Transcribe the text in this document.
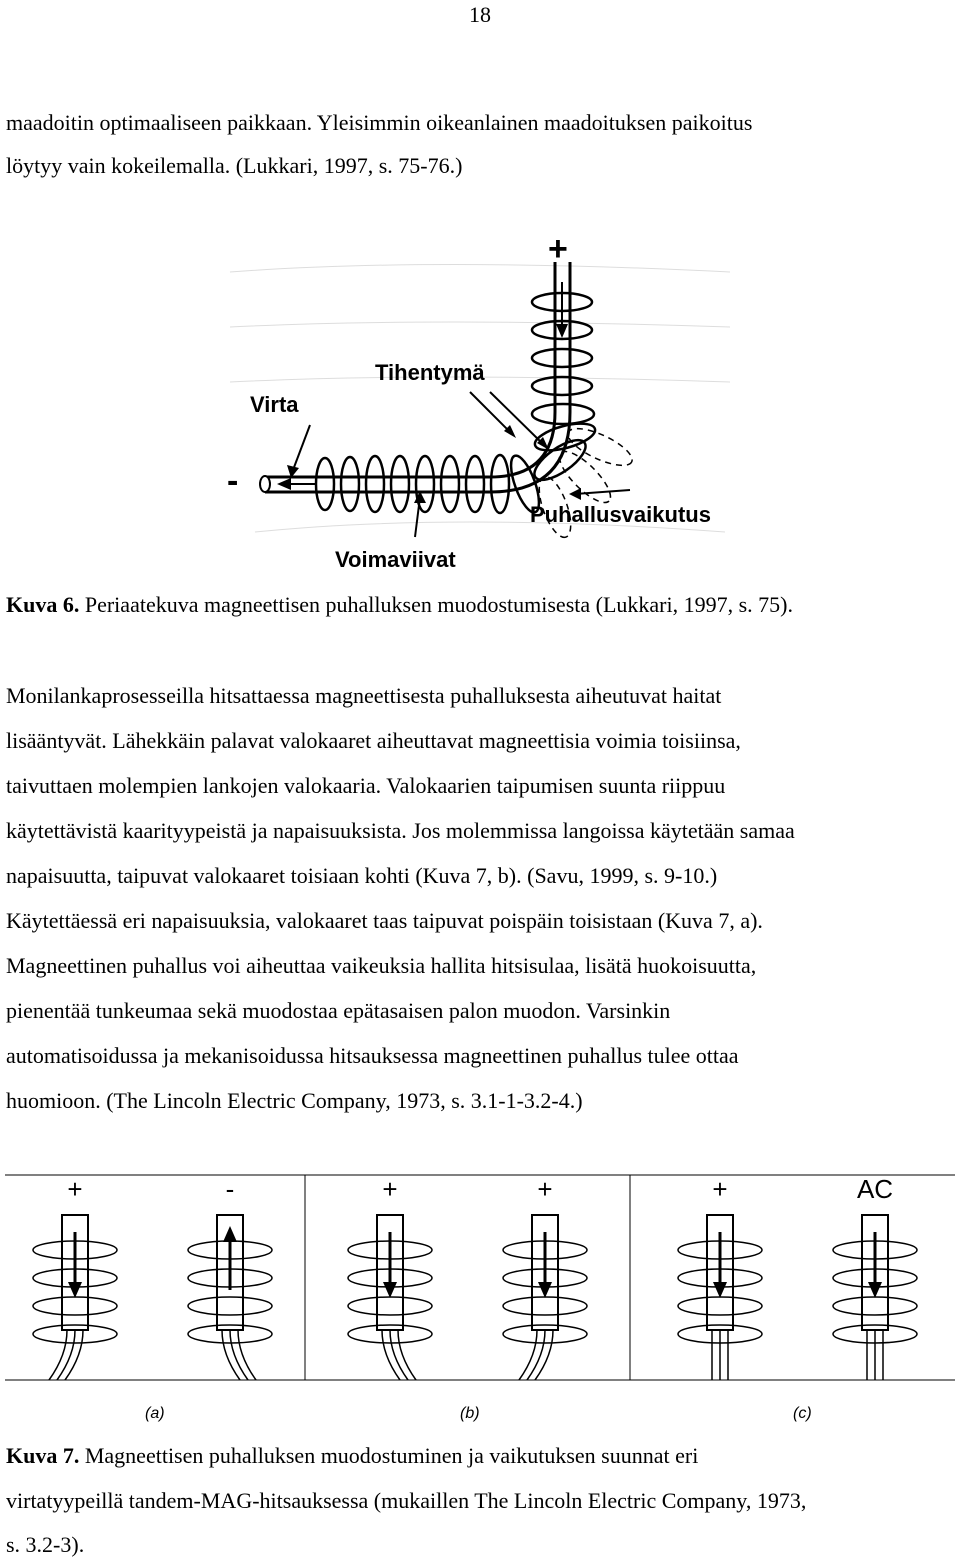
18
maadoitin optimaaliseen paikkaan. Yleisimmin oikeanlainen maadoituksen paikoitus
löytyy vain kokeilemalla. (Lukkari, 1997, s. 75-76.)
+
-
Tihentymä
Virta
Puhallusvaikutus
Voimaviivat
Kuva 6. Periaatekuva magneettisen puhalluksen muodostumisesta (Lukkari, 1997, s. 75).
Monilankaprosesseilla hitsattaessa magneettisesta puhalluksesta aiheutuvat haitat
lisääntyvät. Lähekkäin palavat valokaaret aiheuttavat magneettisia voimia toisiinsa,
taivuttaen molempien lankojen valokaaria. Valokaarien taipumisen suunta riippuu
käytettävistä kaarityypeistä ja napaisuuksista. Jos molemmissa langoissa käytetään samaa
napaisuutta, taipuvat valokaaret toisiaan kohti (Kuva 7, b). (Savu, 1999, s. 9-10.)
Käytettäessä eri napaisuuksia, valokaaret taas taipuvat poispäin toisistaan (Kuva 7, a).
Magneettinen puhallus voi aiheuttaa vaikeuksia hallita hitsisulaa, lisätä huokoisuutta,
pienentää tunkeumaa sekä muodostaa epätasaisen palon muodon. Varsinkin
automatisoidussa ja mekanisoidussa hitsauksessa magneettinen puhallus tulee ottaa
huomioon. (The Lincoln Electric Company, 1973, s. 3.1-1-3.2-4.)
+	-	+	+	+	AC
(a)	(b)	(c)
Kuva 7. Magneettisen puhalluksen muodostuminen ja vaikutuksen suunnat eri
virtatyypeillä tandem-MAG-hitsauksessa (mukaillen The Lincoln Electric Company, 1973,
s. 3.2-3).
